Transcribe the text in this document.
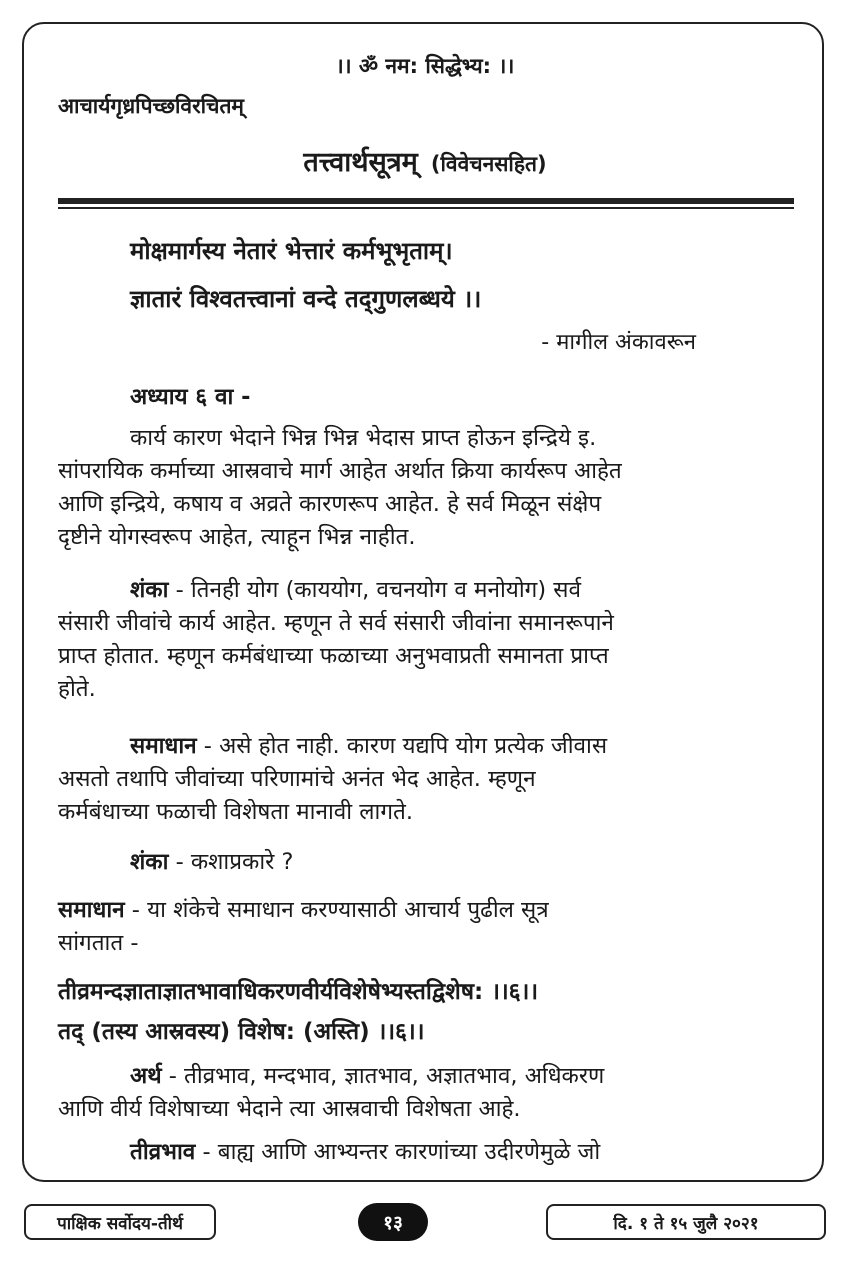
।। ॐ नम: सिद्धेभ्य: ।।
आचार्यगृध्रपिच्छविरचितम्
तत्त्वार्थसूत्रम् (विवेचनसहित)
मोक्षमार्गस्य नेतारं भेत्तारं कर्मभूभृताम्।
ज्ञातारं विश्‍वतत्त्वानां वन्दे तद्‌गुणलब्धये ।।
- मागील अंकावरून
अध्याय ६ वा -
कार्य कारण भेदाने भिन्न भिन्न भेदास प्राप्त होऊन इन्द्रिये इ.
सांपरायिक कर्माच्या आस्रवाचे मार्ग आहेत अर्थात क्रिया कार्यरूप आहेत
आणि इन्द्रिये, कषाय व अव्रते कारणरूप आहेत. हे सर्व मिळून संक्षेप
दृष्टीने योगस्वरूप आहेत, त्याहून भिन्न नाहीत.
शंका - तिनही योग (काययोग, वचनयोग व मनोयोग) सर्व
संसारी जीवांचे कार्य आहेत. म्हणून ते सर्व संसारी जीवांना समानरूपाने
प्राप्त होतात. म्हणून कर्मबंधाच्या फळाच्या अनुभवाप्रती समानता प्राप्त
होते.
समाधान - असे होत नाही. कारण यद्यपि योग प्रत्येक जीवास
असतो तथापि जीवांच्या परिणामांचे अनंत भेद आहेत. म्हणून
कर्मबंधाच्या फळाची विशेषता मानावी लागते.
शंका - कशाप्रकारे ?
समाधान - या शंकेचे समाधान करण्यासाठी आचार्य पुढील सूत्र
सांगतात -
तीव्रमन्दज्ञाताज्ञातभावाधिकरणवीर्यविशेषेभ्यस्तद्विशेष: ।।६।।
तद् (तस्य आस्रवस्य) विशेष: (अस्ति) ।।६।।
अर्थ - तीव्रभाव, मन्दभाव, ज्ञातभाव, अज्ञातभाव, अधिकरण
आणि वीर्य विशेषाच्या भेदाने त्या आस्रवाची विशेषता आहे.
तीव्रभाव - बाह्य आणि आभ्यन्तर कारणांच्या उदीरणेमुळे जो
पाक्षिक सर्वोदय-तीर्थ	१३	दि. १ ते १५ जुलै २०२१
